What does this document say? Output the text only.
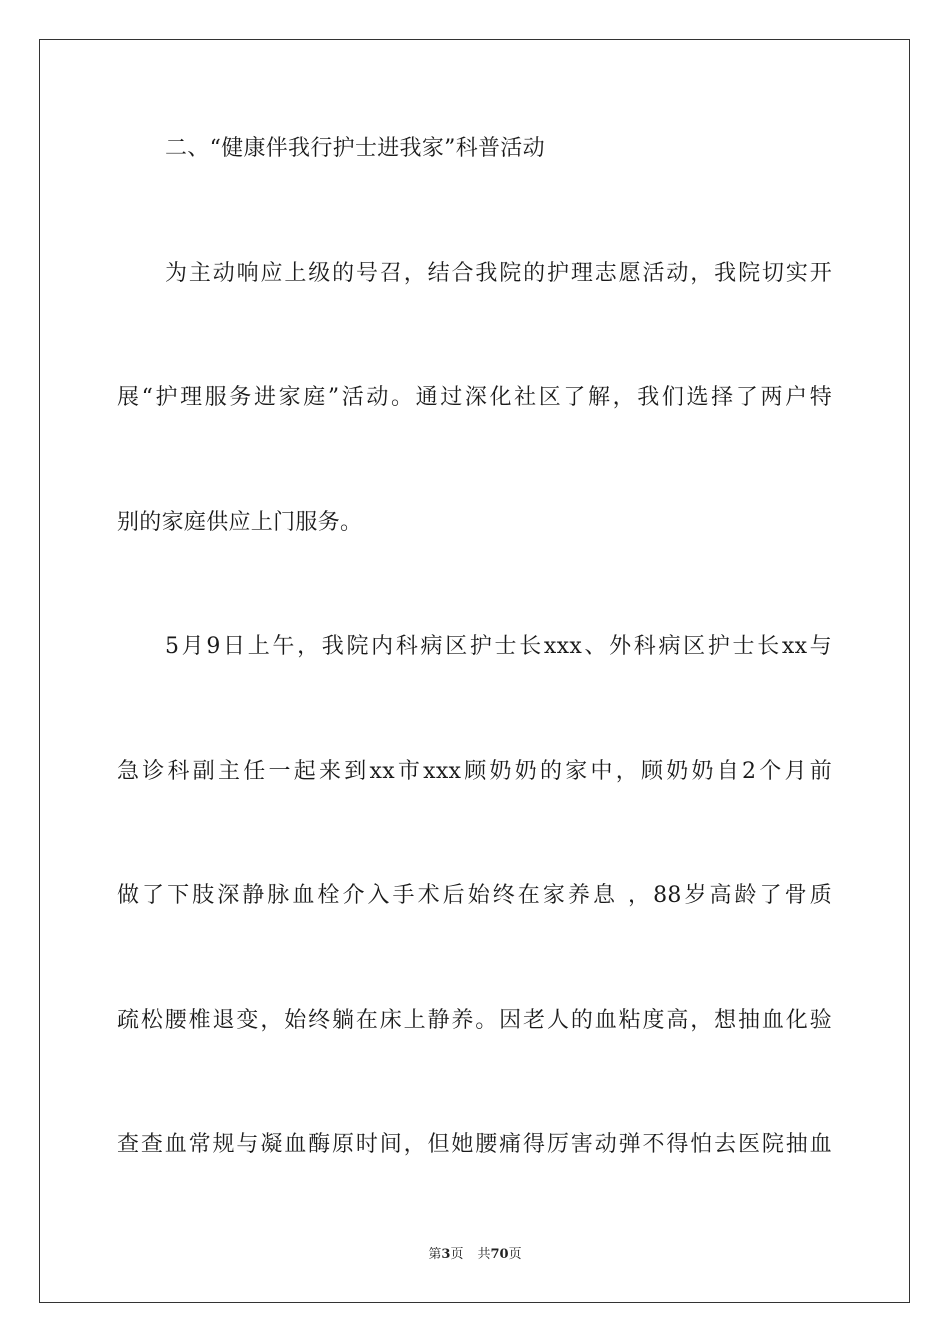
二、“健康伴我行护士进我家”科普活动
为主动响应上级的号召，结合我院的护理志愿活动，我院切实开
展“护理服务进家庭”活动。通过深化社区了解，我们选择了两户特
别的家庭供应上门服务。
5月9日上午，我院内科病区护士长xxx、外科病区护士长xx与
急诊科副主任一起来到xx市xxx顾奶奶的家中，顾奶奶自2个月前
做了下肢深静脉血栓介入手术后始终在家养息 ，88岁高龄了骨质
疏松腰椎退变，始终躺在床上静养。因老人的血粘度高，想抽血化验
查查血常规与凝血酶原时间，但她腰痛得厉害动弹不得怕去医院抽血
第3页 共70页
